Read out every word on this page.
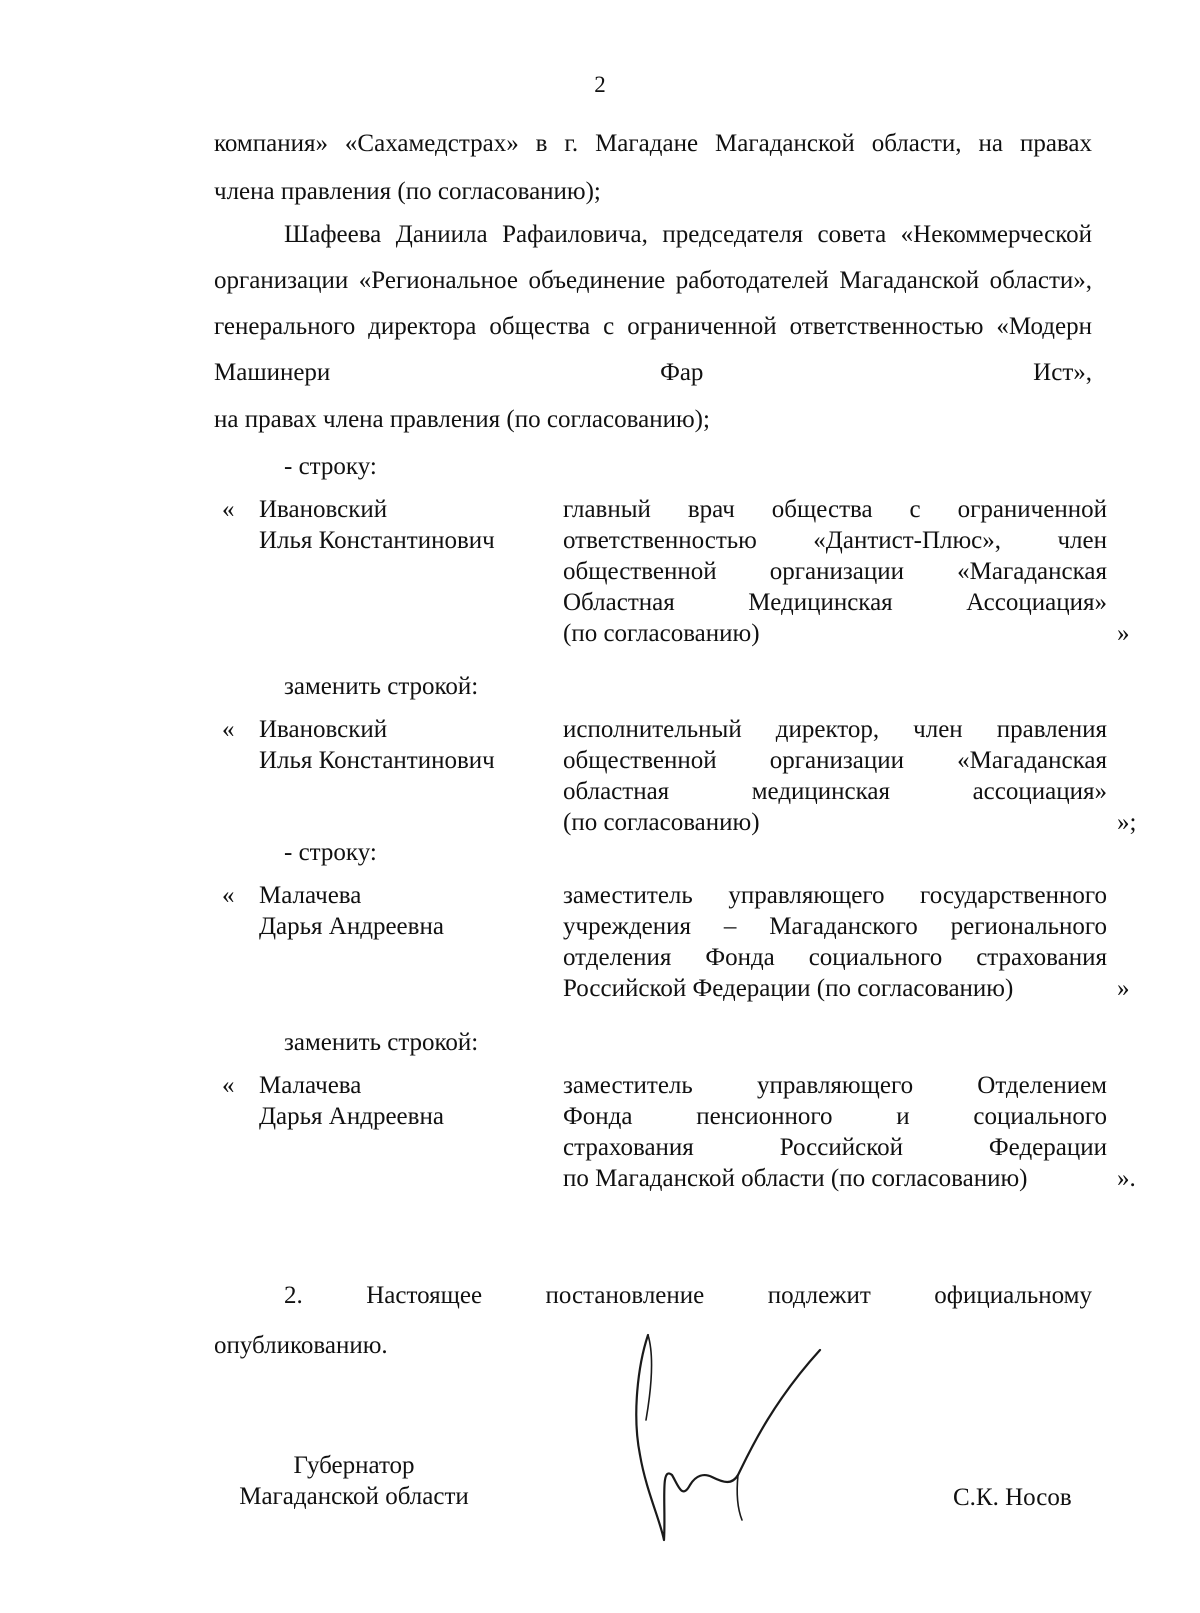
2

компания» «Сахамедстрах» в г. Магадане Магаданской области, на правах

члена правления (по согласованию);

Шафеева Даниила Рафаиловича, председателя совета «Некоммерческой организации «Региональное объединение работодателей Магаданской области», генерального директора общества с ограниченной ответственностью «Модерн Машинери Фар Ист»,

на правах члена правления (по согласованию);

- строку:
« Ивановский
Илья Константинович
главный врач общества с ограниченной
ответственностью «Дантист-Плюс», член
общественной организации «Магаданская
Областная Медицинская Ассоциация»
(по согласованию)	»
заменить строкой:
« Ивановский
Илья Константинович
исполнительный директор, член правления
общественной организации «Магаданская
областная медицинская ассоциация»
(по согласованию)	»;
- строку:
« Малачева
Дарья Андреевна
заместитель управляющего государственного
учреждения – Магаданского регионального
отделения Фонда социального страхования
Российской Федерации (по согласованию)	»
заменить строкой:
« Малачева
Дарья Андреевна
заместитель управляющего Отделением
Фонда пенсионного и социального
страхования Российской Федерации
по Магаданской области (по согласованию)	».

2. Настоящее постановление подлежит официальному

опубликованию.

Губернатор
Магаданской области	С.К. Носов
